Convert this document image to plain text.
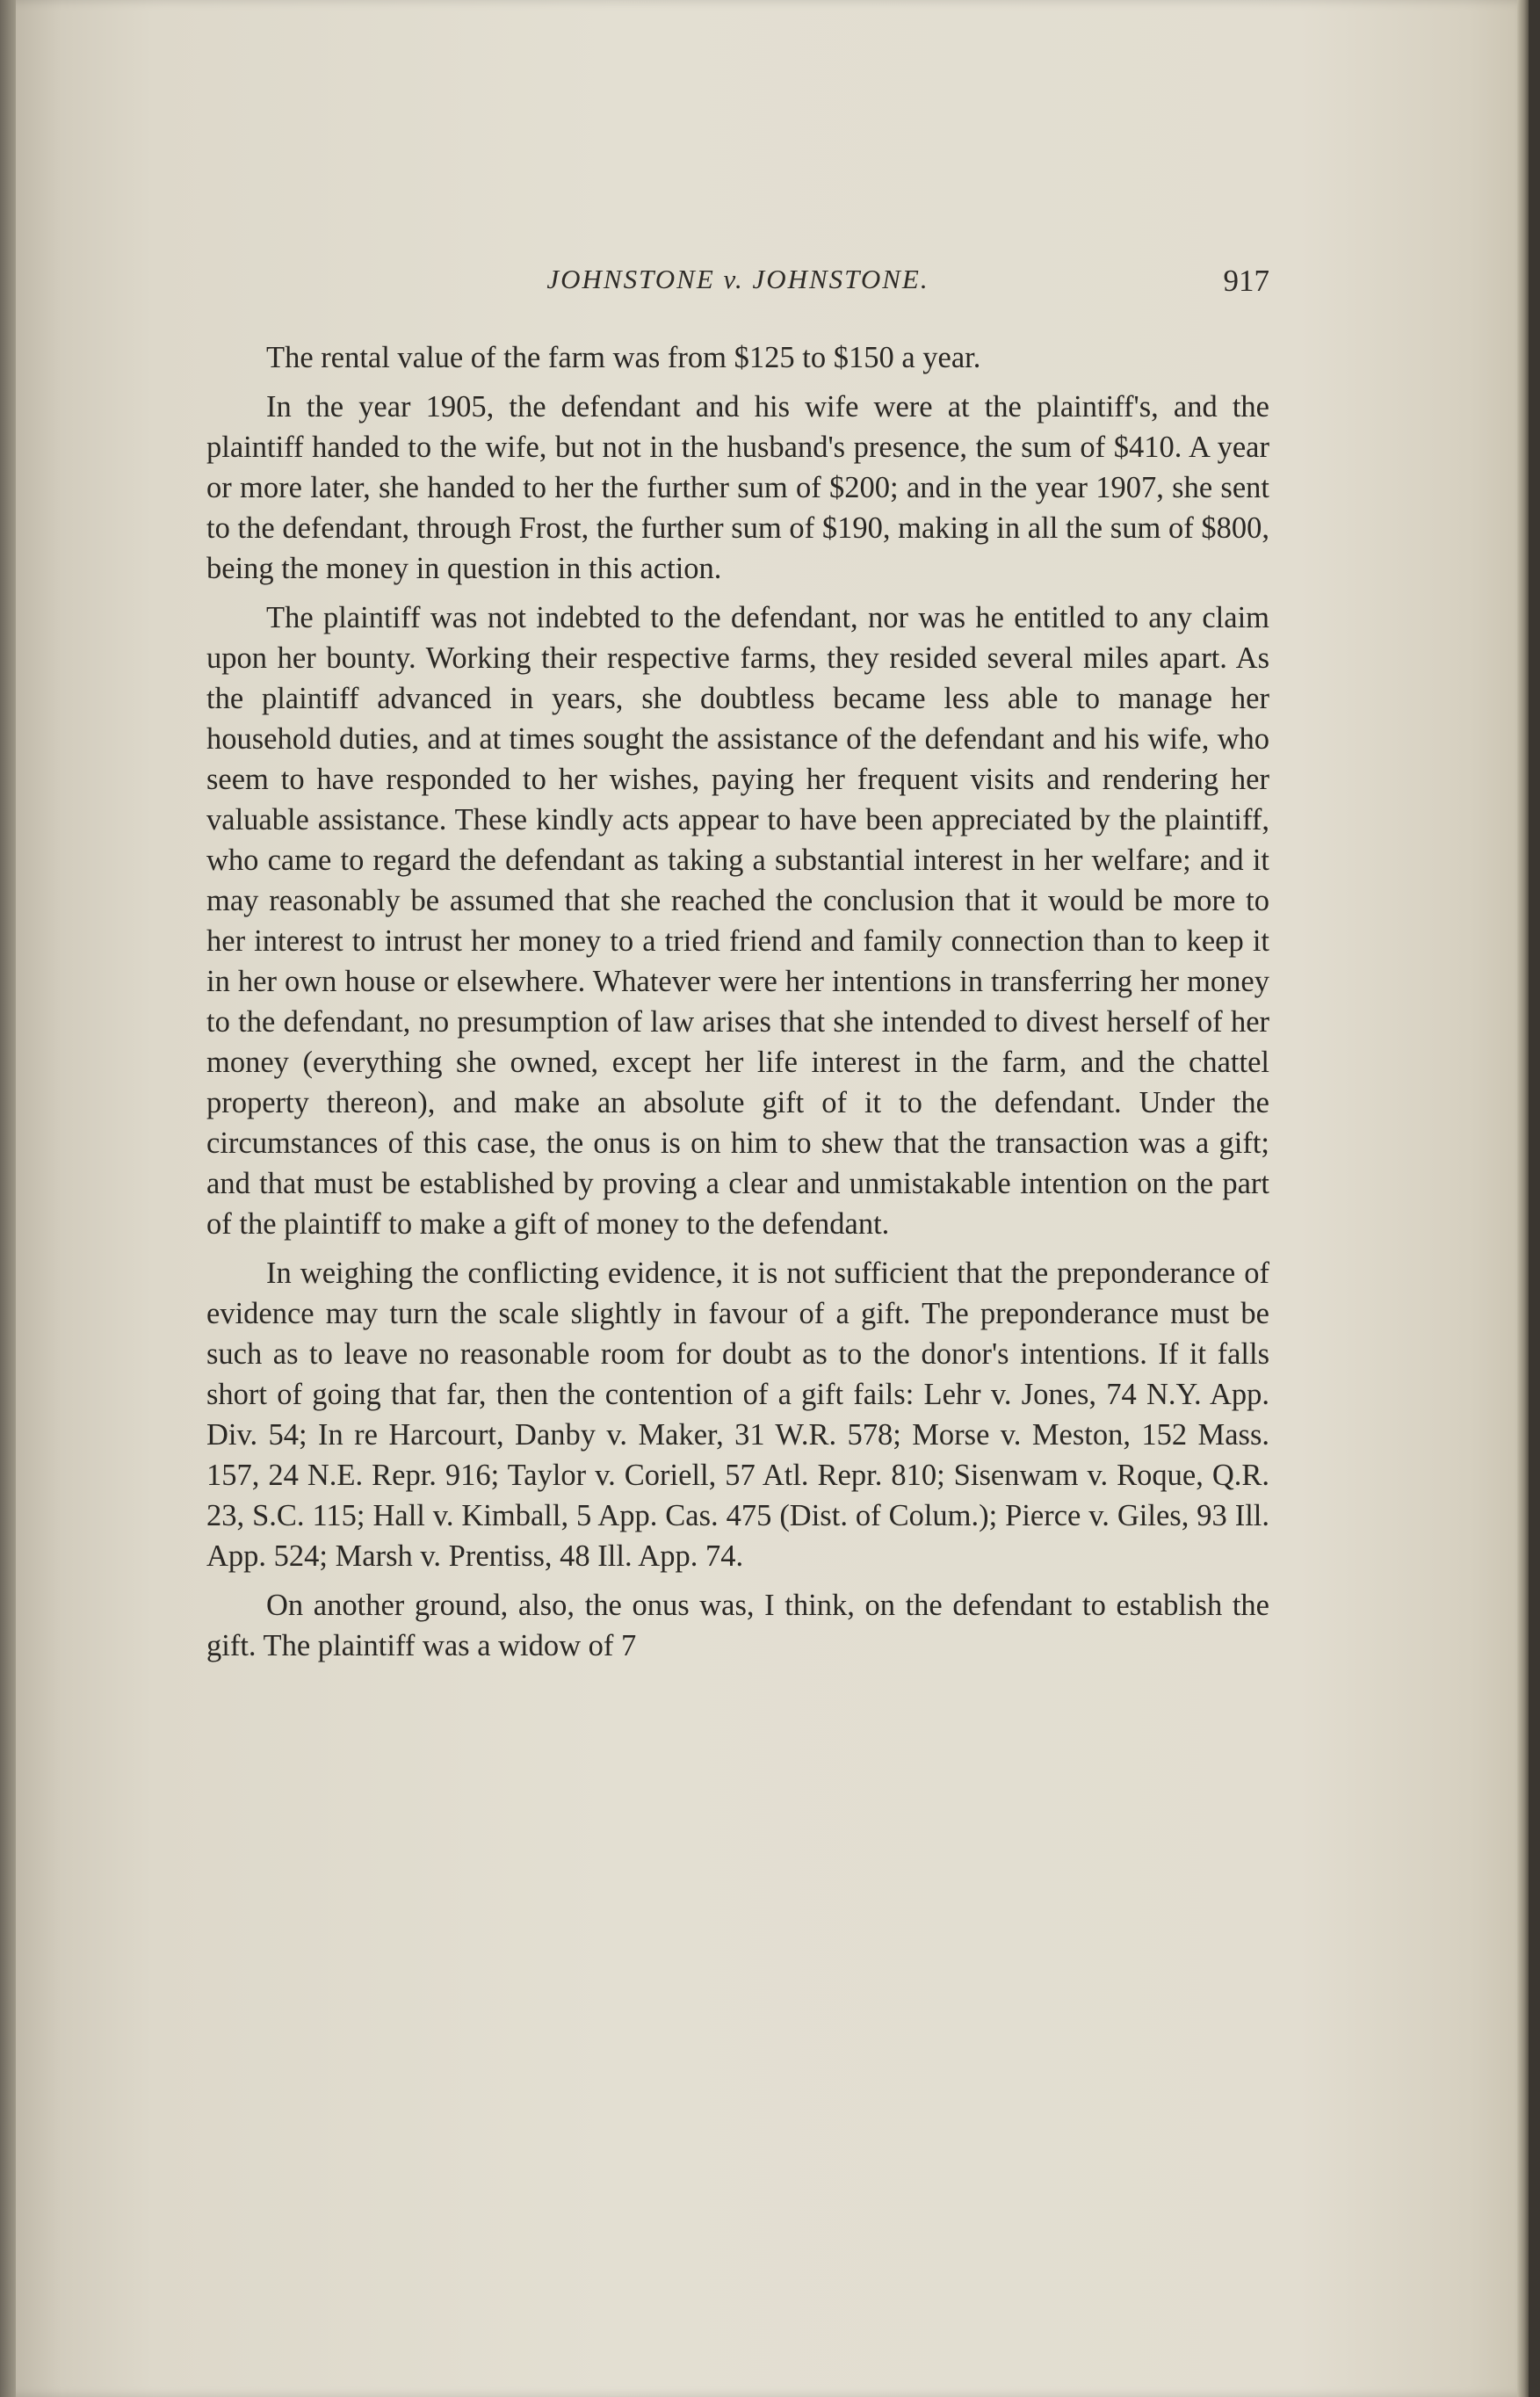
JOHNSTONE v. JOHNSTONE.	917

The rental value of the farm was from $125 to $150 a year.

In the year 1905, the defendant and his wife were at the plaintiff's, and the plaintiff handed to the wife, but not in the husband's presence, the sum of $410. A year or more later, she handed to her the further sum of $200; and in the year 1907, she sent to the defendant, through Frost, the further sum of $190, making in all the sum of $800, being the money in question in this action.

The plaintiff was not indebted to the defendant, nor was he entitled to any claim upon her bounty. Working their respective farms, they resided several miles apart. As the plaintiff advanced in years, she doubtless became less able to manage her household duties, and at times sought the assistance of the defendant and his wife, who seem to have responded to her wishes, paying her frequent visits and rendering her valuable assistance. These kindly acts appear to have been appreciated by the plaintiff, who came to regard the defendant as taking a substantial interest in her welfare; and it may reasonably be assumed that she reached the conclusion that it would be more to her interest to intrust her money to a tried friend and family connection than to keep it in her own house or elsewhere. Whatever were her intentions in transferring her money to the defendant, no presumption of law arises that she intended to divest herself of her money (everything she owned, except her life interest in the farm, and the chattel property thereon), and make an absolute gift of it to the defendant. Under the circumstances of this case, the onus is on him to shew that the transaction was a gift; and that must be established by proving a clear and unmistakable intention on the part of the plaintiff to make a gift of money to the defendant.

In weighing the conflicting evidence, it is not sufficient that the preponderance of evidence may turn the scale slightly in favour of a gift. The preponderance must be such as to leave no reasonable room for doubt as to the donor's intentions. If it falls short of going that far, then the contention of a gift fails: Lehr v. Jones, 74 N.Y. App. Div. 54; In re Harcourt, Danby v. Maker, 31 W.R. 578; Morse v. Meston, 152 Mass. 157, 24 N.E. Repr. 916; Taylor v. Coriell, 57 Atl. Repr. 810; Sisenwam v. Roque, Q.R. 23, S.C. 115; Hall v. Kimball, 5 App. Cas. 475 (Dist. of Colum.); Pierce v. Giles, 93 Ill. App. 524; Marsh v. Prentiss, 48 Ill. App. 74.

On another ground, also, the onus was, I think, on the defendant to establish the gift. The plaintiff was a widow of 7
